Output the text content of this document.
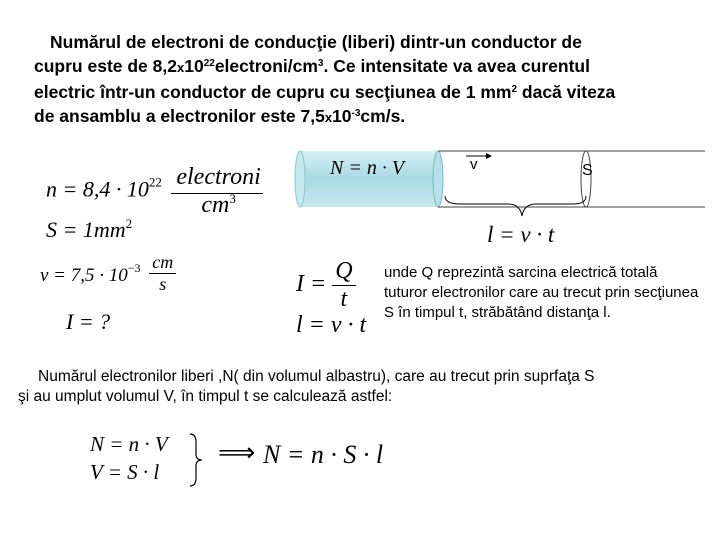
Numărul de electroni de conducţie (liberi) dintr-un conductor de

cupru este de $8,2x10^{22}electroni/cm^3$. Ce intensitate va avea curentul

electric într-un conductor de cupru cu secţiunea de 1 $mm^2$ dacă viteza

de ansamblu a electronilor este $7,5x10^{-3}cm/s$.

$n = 8,4 \cdot 10^{22}$ electroni
$cm^3$
$S = 1mm^2$
$v = 7,5 \cdot 10^{-3} \frac{cm}{s}$
I = ?
N = n · V	v	S
l = v · t
$I = \frac{Q}{t}$
l = v · t
unde Q reprezintă sarcina electrică totală tuturor electronilor care au trecut prin secţiunea S în timpul t, străbătând distanţa l.
Numărul electronilor liberi ,N( din volumul albastru), care au trecut prin suprfaţa S
şi au umplut volumul V, în timpul t se calculează astfel:
N = n · V
V = S · l
⟹ N = n · S · l
